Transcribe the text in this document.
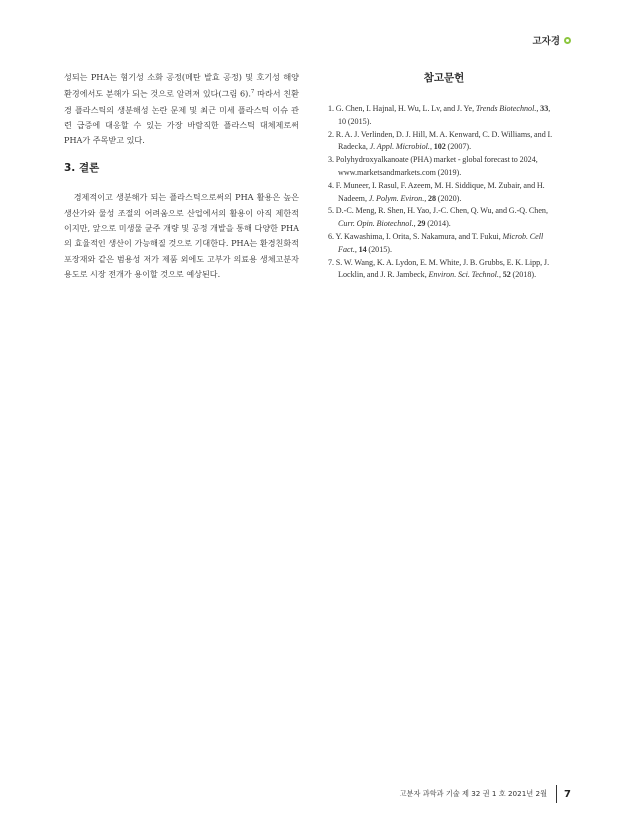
고자경

성되는 PHA는 혐기성 소화 공정(메탄 발효 공정) 및 호기성 해양 환경에서도 분해가 되는 것으로 알려져 있다(그림 6).$^7$ 따라서 친환경 플라스틱의 생분해성 논란 문제 및 최근 미세 플라스틱 이슈 관련 급증에 대응할 수 있는 가장 바람직한 플라스틱 대체제로써 PHA가 주목받고 있다.

3. 결론

경제적이고 생분해가 되는 플라스틱으로써의 PHA 활용은 높은 생산가와 물성 조절의 어려움으로 산업에서의 활용이 아직 제한적이지만, 앞으로 미생물 균주 개량 및 공정 개발을 통해 다양한 PHA의 효율적인 생산이 가능해질 것으로 기대한다. PHA는 환경친화적 포장재와 같은 범용성 저가 제품 외에도 고부가 의료용 생체고분자 용도로 시장 전개가 용이할 것으로 예상된다.

참고문헌
1. G. Chen, I. Hajnal, H. Wu, L. Lv, and J. Ye, Trends Biotechnol., 33, 10 (2015).
2. R. A. J. Verlinden, D. J. Hill, M. A. Kenward, C. D. Williams, and I. Radecka, J. Appl. Microbiol., 102 (2007).
3. Polyhydroxyalkanoate (PHA) market - global forecast to 2024, www.marketsandmarkets.com (2019).
4. F. Muneer, I. Rasul, F. Azeem, M. H. Siddique, M. Zubair, and H. Nadeem, J. Polym. Eviron., 28 (2020).
5. D.-C. Meng, R. Shen, H. Yao, J.-C. Chen, Q. Wu, and G.-Q. Chen, Curr. Opin. Biotechnol., 29 (2014).
6. Y. Kawashima, I. Orita, S. Nakamura, and T. Fukui, Microb. Cell Fact., 14 (2015).
7. S. W. Wang, K. A. Lydon, E. M. White, J. B. Grubbs, E. K. Lipp, J. Locklin, and J. R. Jambeck, Environ. Sci. Technol., 52 (2018).
고분자 과학과 기술 제 32 권 1 호 2021년 2월 7
